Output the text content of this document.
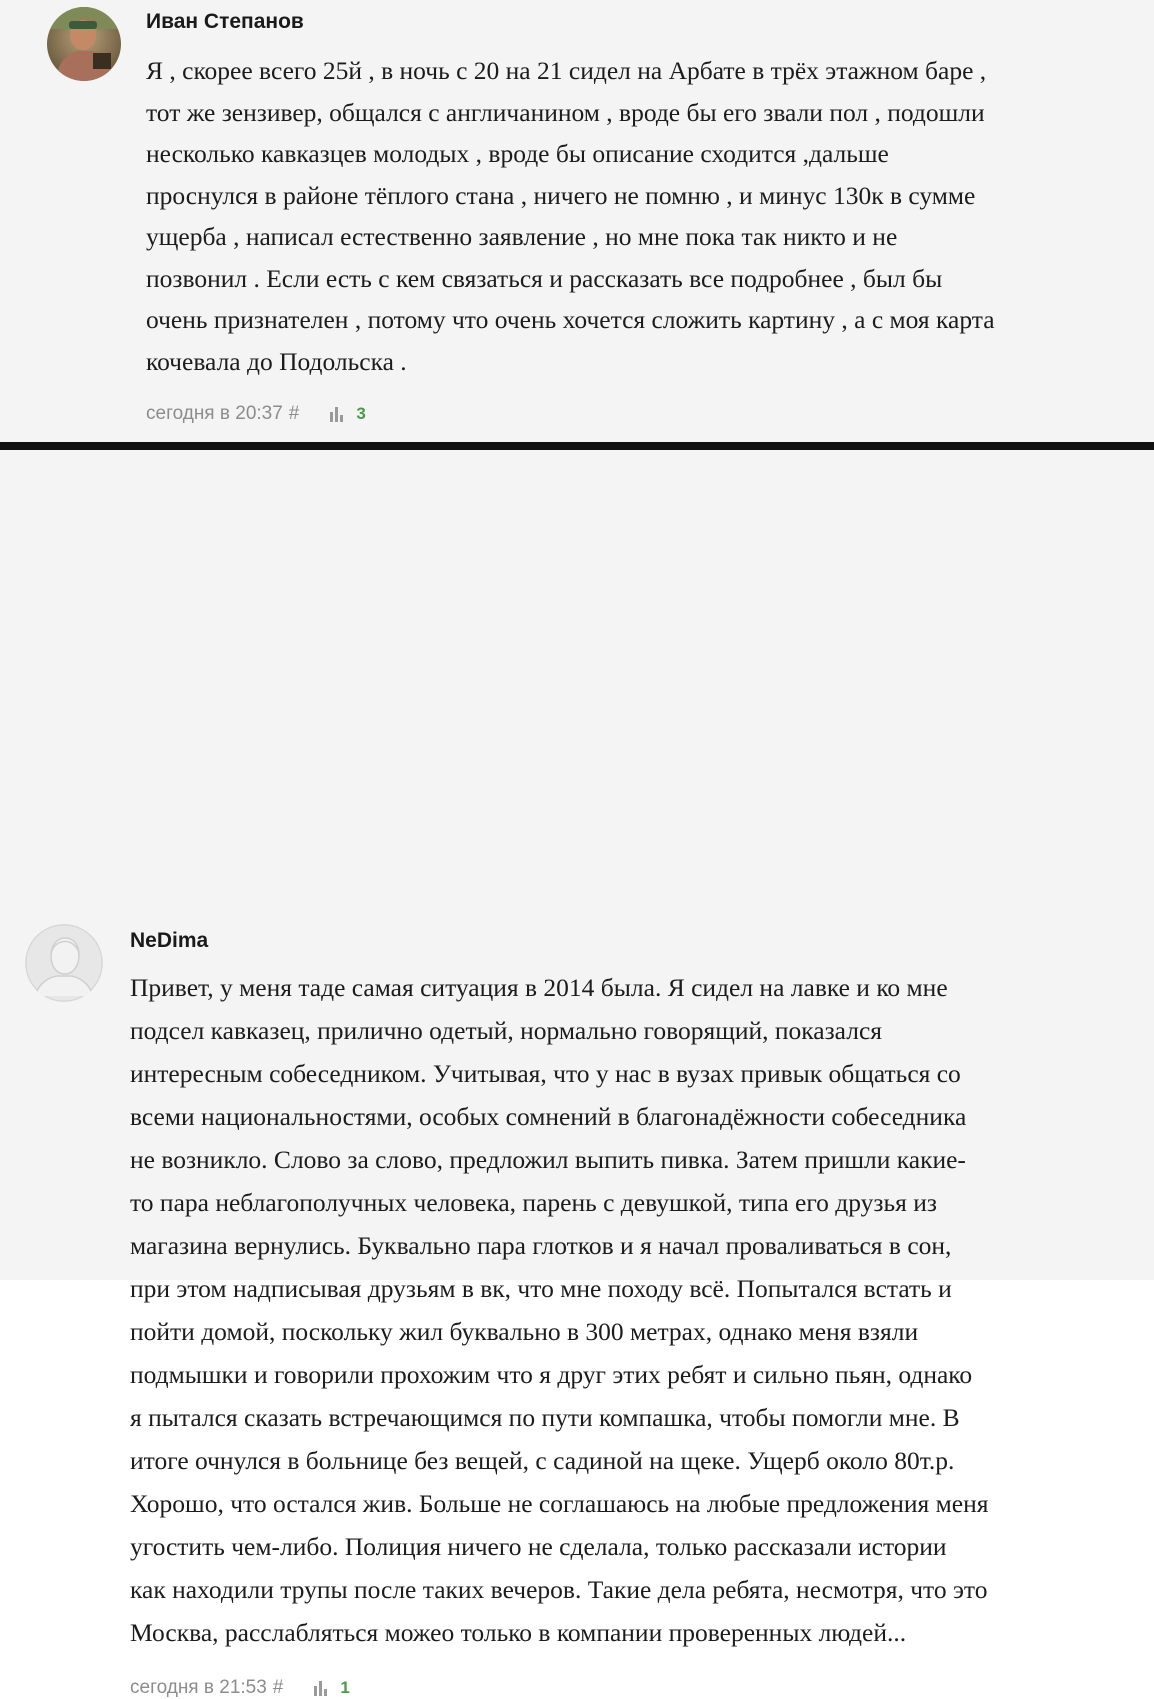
Иван Степанов
Я , скорее всего 25й , в ночь с 20 на 21 сидел на Арбате в трёх этажном баре ,
тот же зензивер, общался с англичанином , вроде бы его звали пол , подошли
несколько кавказцев молодых , вроде бы описание сходится ,дальше
проснулся в районе тёплого стана , ничего не помню , и минус 130к в сумме
ущерба , написал естественно заявление , но мне пока так никто и не
позвонил . Если есть с кем связаться и рассказать все подробнее , был бы
очень признателен , потому что очень хочется сложить картину , а с моя карта
кочевала до Подольска .
сегодня в 20:37 #	3
NeDima
Привет, у меня таде самая ситуация в 2014 была. Я сидел на лавке и ко мне
подсел кавказец, прилично одетый, нормально говорящий, показался
интересным собеседником. Учитывая, что у нас в вузах привык общаться со
всеми национальностями, особых сомнений в благонадёжности собеседника
не возникло. Слово за слово, предложил выпить пивка. Затем пришли какие-
то пара неблагополучных человека, парень с девушкой, типа его друзья из
магазина вернулись. Буквально пара глотков и я начал проваливаться в сон,
при этом надписывая друзьям в вк, что мне походу всё. Попытался встать и
пойти домой, поскольку жил буквально в 300 метрах, однако меня взяли
подмышки и говорили прохожим что я друг этих ребят и сильно пьян, однако
я пытался сказать встречающимся по пути компашка, чтобы помогли мне. В
итоге очнулся в больнице без вещей, с садиной на щеке. Ущерб около 80т.р.
Хорошо, что остался жив. Больше не соглашаюсь на любые предложения меня
угостить чем-либо. Полиция ничего не сделала, только рассказали истории
как находили трупы после таких вечеров. Такие дела ребята, несмотря, что это
Москва, расслабляться можео только в компании проверенных людей...
сегодня в 21:53 #	1
